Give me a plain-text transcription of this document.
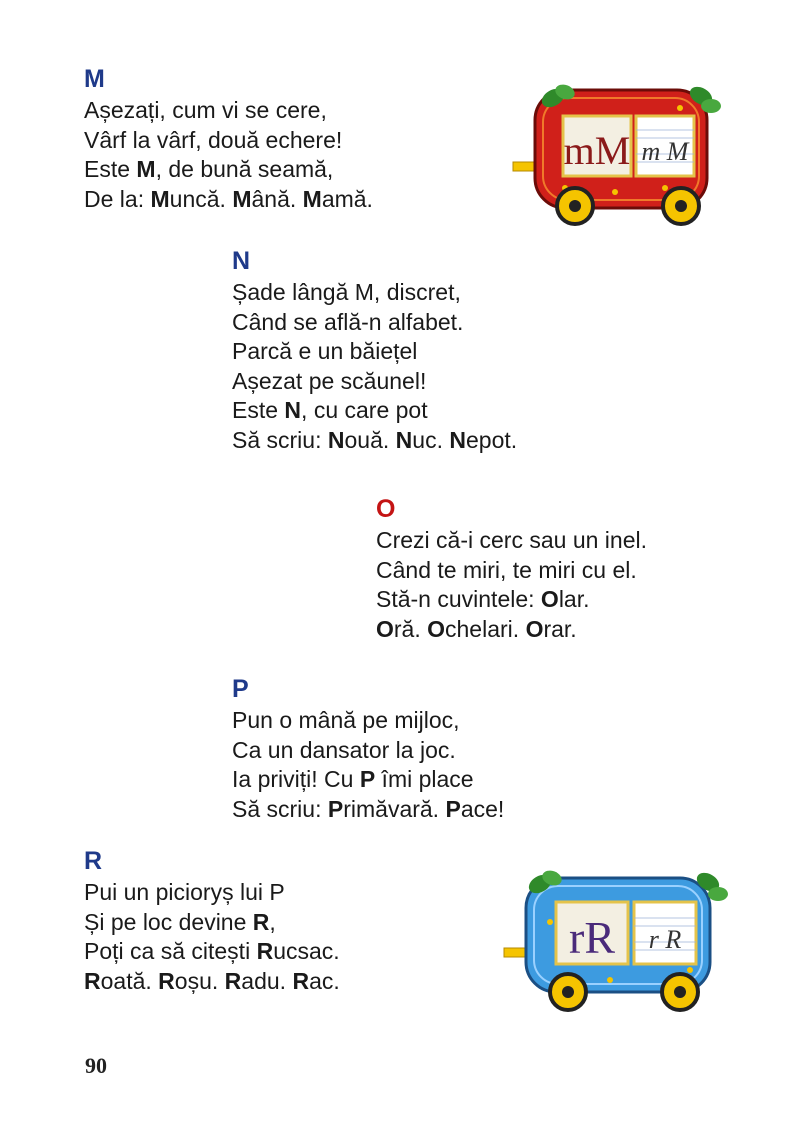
M
Așezați, cum vi se cere,
Vârf la vârf, două echere!
Este M, de bună seamă,
De la: Muncă. Mână. Mamă.
N
Șade lângă M, discret,
Când se află-n alfabet.
Parcă e un băiețel
Așezat pe scăunel!
Este N, cu care pot
Să scriu: Nouă. Nuc. Nepot.
O
Crezi că-i cerc sau un inel.
Când te miri, te miri cu el.
Stă-n cuvintele: Olar.
Oră. Ochelari. Orar.
P
Pun o mână pe mijloc,
Ca un dansator la joc.
Ia priviți! Cu P îmi place
Să scriu: Primăvară. Pace!
R
Pui un piciorуș lui P
Și pe loc devine R,
Poți ca să citești Rucsac.
Roată. Roșu. Radu. Rac.
mM m M
rR r R
90
